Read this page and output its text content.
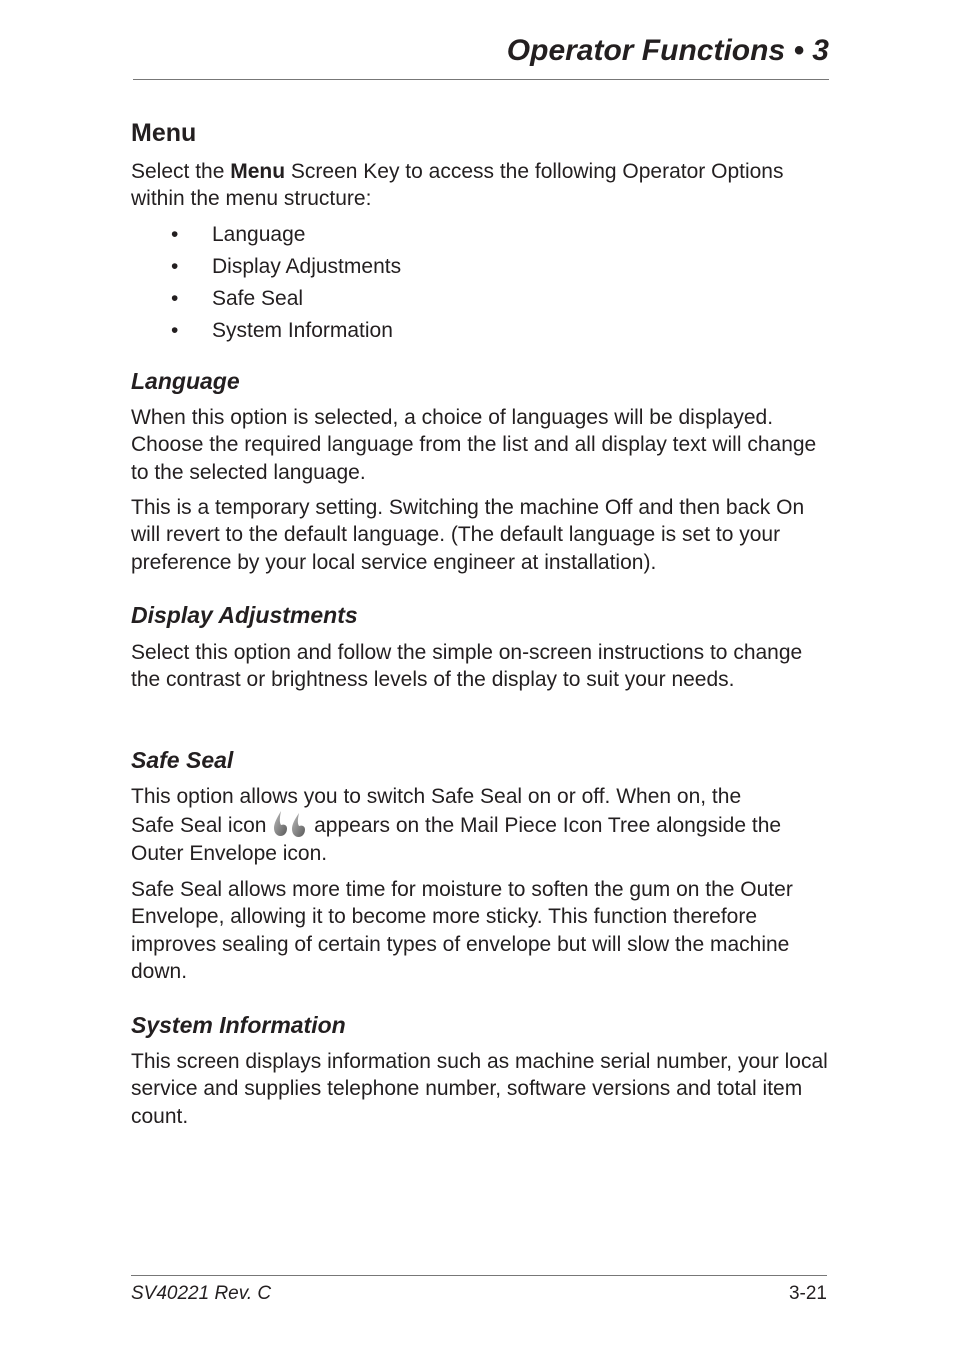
Operator Functions • 3
Menu

Select the Menu Screen Key to access the following Operator Options within the menu structure:

• Language
• Display Adjustments
• Safe Seal
• System Information
Language

When this option is selected, a choice of languages will be displayed. Choose the required language from the list and all display text will change to the selected language.

This is a temporary setting. Switching the machine Off and then back On will revert to the default language. (The default language is set to your preference by your local service engineer at installation).

Display Adjustments

Select this option and follow the simple on-screen instructions to change the contrast or brightness levels of the display to suit your needs.

Safe Seal

This option allows you to switch Safe Seal on or off. When on, the
Safe Seal icon  appears on the Mail Piece Icon Tree alongside the Outer Envelope icon.

Safe Seal allows more time for moisture to soften the gum on the Outer Envelope, allowing it to become more sticky. This function therefore improves sealing of certain types of envelope but will slow the machine down.

System Information

This screen displays information such as machine serial number, your local service and supplies telephone number, software versions and total item count.

SV40221 Rev. C	3-21
